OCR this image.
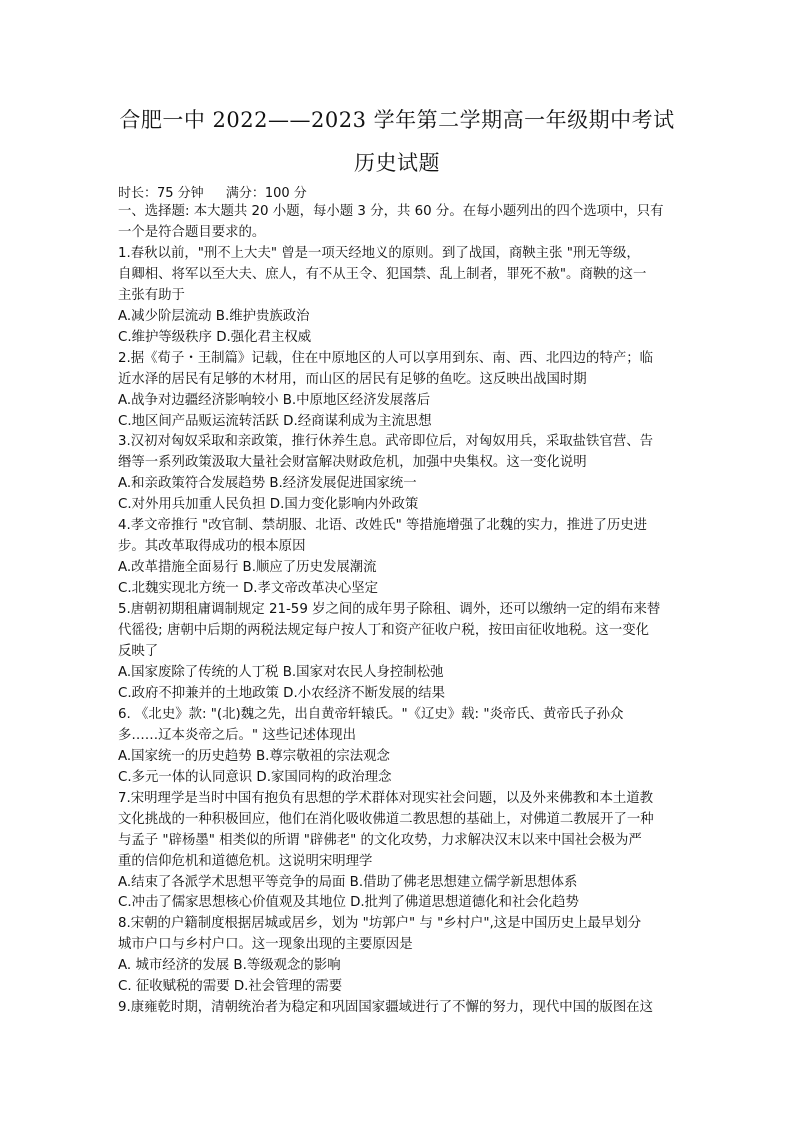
合肥一中 2022——2023 学年第二学期高一年级期中考试
历史试题
时长：75 分钟 满分：100 分

一、选择题: 本大题共 20 小题，每小题 3 分，共 60 分。在每小题列出的四个选项中，只有

一个是符合题目要求的。

1.春秋以前，"刑不上大夫" 曾是一项天经地义的原则。到了战国，商鞅主张 "刑无等级，

自卿相、将军以至大夫、庶人，有不从王令、犯国禁、乱上制者，罪死不赦"。商鞅的这一

主张有助于

A.减少阶层流动 B.维护贵族政治

C.维护等级秩序 D.强化君主权威

2.据《荀子・王制篇》记载，住在中原地区的人可以享用到东、南、西、北四边的特产；临

近水泽的居民有足够的木材用，而山区的居民有足够的鱼吃。这反映出战国时期

A.战争对边疆经济影响较小 B.中原地区经济发展落后

C.地区间产品贩运流转活跃 D.经商谋利成为主流思想

3.汉初对匈奴采取和亲政策，推行休养生息。武帝即位后，对匈奴用兵，采取盐铁官营、告

缗等一系列政策汲取大量社会财富解决财政危机，加强中央集权。这一变化说明

A.和亲政策符合发展趋势 B.经济发展促进国家统一

C.对外用兵加重人民负担 D.国力变化影响内外政策

4.孝文帝推行 "改官制、禁胡服、北语、改姓氏" 等措施增强了北魏的实力，推进了历史进

步。其改革取得成功的根本原因

A.改革措施全面易行 B.顺应了历史发展潮流

C.北魏实现北方统一 D.孝文帝改革决心坚定

5.唐朝初期租庸调制规定 21-59 岁之间的成年男子除租、调外，还可以缴纳一定的绢布来替

代徭役; 唐朝中后期的两税法规定每户按人丁和资产征收户税，按田亩征收地税。这一变化

反映了

A.国家废除了传统的人丁税 B.国家对农民人身控制松弛

C.政府不抑兼并的土地政策 D.小农经济不断发展的结果

6. 《北史》款: "(北)魏之先，出自黄帝轩辕氏。"《辽史》载: "炎帝氏、黄帝氏子孙众

多……辽本炎帝之后。" 这些记述体现出

A.国家统一的历史趋势 B.尊宗敬祖的宗法观念

C.多元一体的认同意识 D.家国同构的政治理念

7.宋明理学是当时中国有抱负有思想的学术群体对现实社会问题，以及外来佛教和本土道教

文化挑战的一种积极回应，他们在消化吸收佛道二教思想的基础上，对佛道二教展开了一种

与孟子 "辟杨墨" 相类似的所谓 "辟佛老" 的文化攻势，力求解决汉末以来中国社会极为严

重的信仰危机和道德危机。这说明宋明理学

A.结束了各派学术思想平等竞争的局面 B.借助了佛老思想建立儒学新思想体系

C.冲击了儒家思想核心价值观及其地位 D.批判了佛道思想道德化和社会化趋势

8.宋朝的户籍制度根据居城或居乡，划为 "坊郭户" 与 "乡村户",这是中国历史上最早划分

城市户口与乡村户口。这一现象出现的主要原因是

A. 城市经济的发展 B.等级观念的影响

C. 征收赋税的需要 D.社会管理的需要

9.康雍乾时期，清朝统治者为稳定和巩固国家疆域进行了不懈的努力，现代中国的版图在这
